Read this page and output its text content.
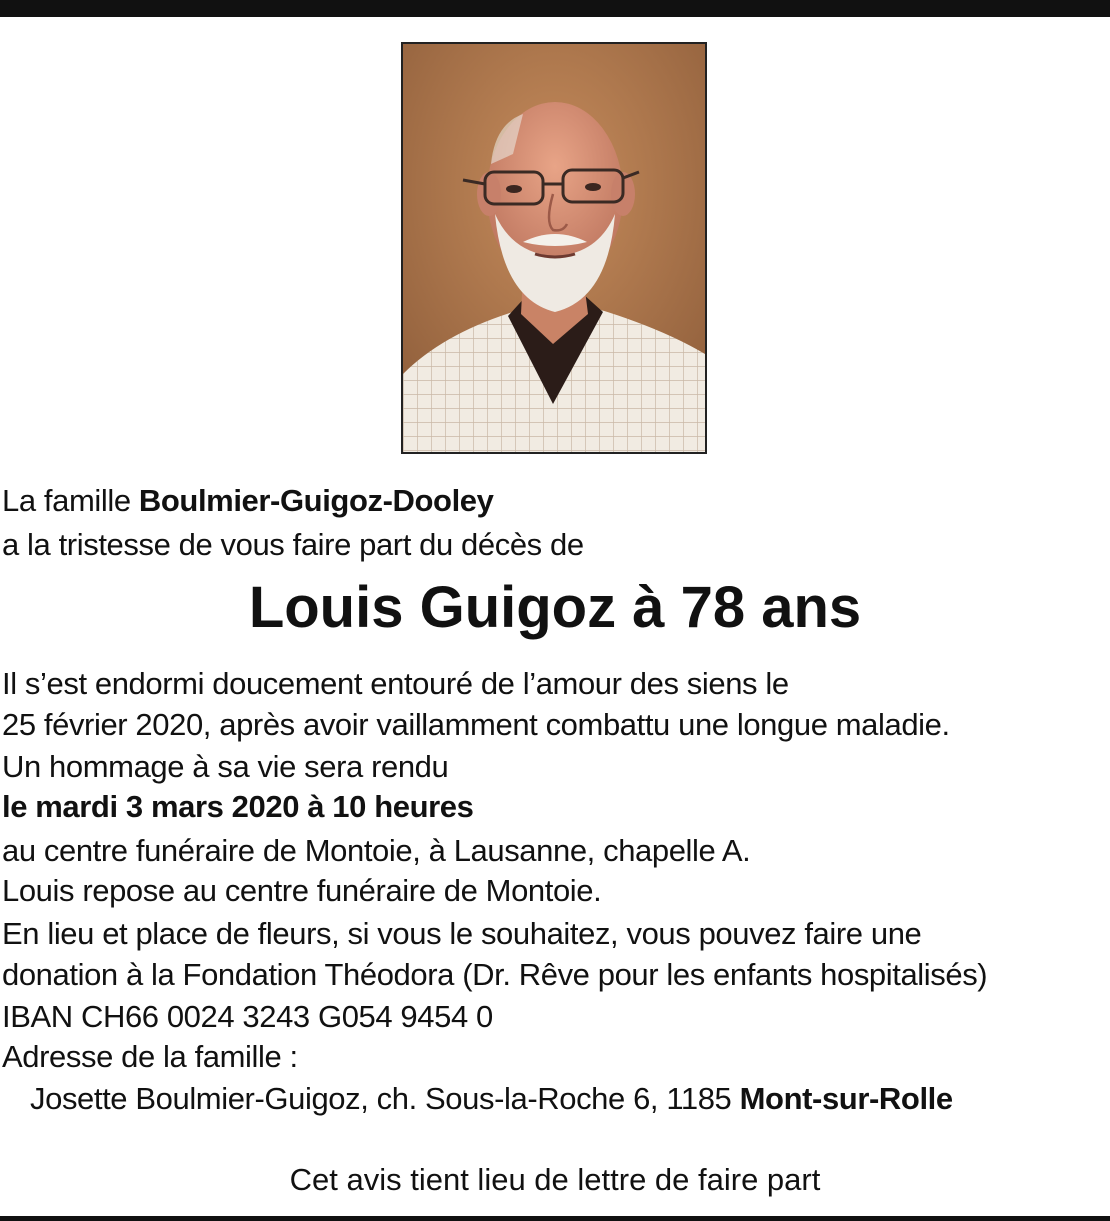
La famille Boulmier-Guigoz-Dooley
a la tristesse de vous faire part du décès de
Louis Guigoz à 78 ans
Il s’est endormi doucement entouré de l’amour des siens le
25 février 2020, après avoir vaillamment combattu une longue maladie.
Un hommage à sa vie sera rendu
le mardi 3 mars 2020 à 10 heures
au centre funéraire de Montoie, à Lausanne, chapelle A.
Louis repose au centre funéraire de Montoie.
En lieu et place de fleurs, si vous le souhaitez, vous pouvez faire une
donation à la Fondation Théodora (Dr. Rêve pour les enfants hospitalisés)
IBAN CH66 0024 3243 G054 9454 0
Adresse de la famille :
Josette Boulmier-Guigoz, ch. Sous-la-Roche 6, 1185 Mont-sur-Rolle
Cet avis tient lieu de lettre de faire part
